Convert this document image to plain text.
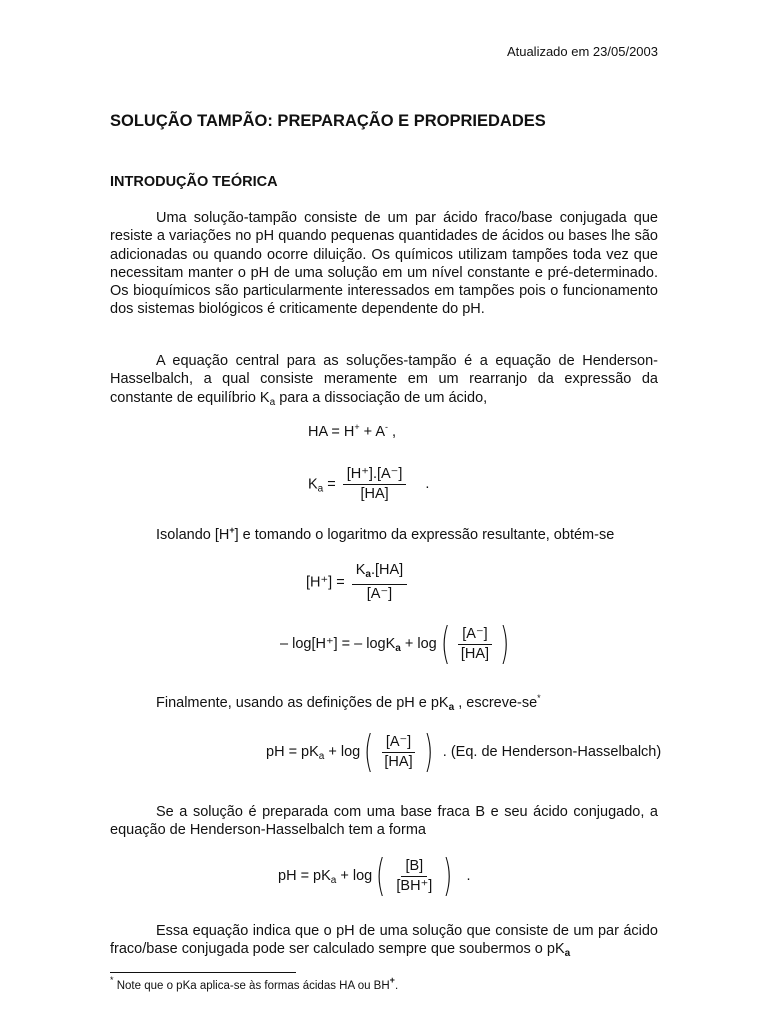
Atualizado em 23/05/2003
SOLUÇÃO TAMPÃO: PREPARAÇÃO E PROPRIEDADES
INTRODUÇÃO TEÓRICA
Uma solução-tampão consiste de um par ácido fraco/base conjugada que resiste a variações no pH quando pequenas quantidades de ácidos ou bases lhe são adicionadas ou quando ocorre diluição. Os químicos utilizam tampões toda vez que necessitam manter o pH de uma solução em um nível constante e pré-determinado. Os bioquímicos são particularmente interessados em tampões pois o funcionamento dos sistemas biológicos é criticamente dependente do pH.
A equação central para as soluções-tampão é a equação de Henderson-Hasselbalch, a qual consiste meramente em um rearranjo da expressão da constante de equilíbrio $K_a$ para a dissociação de um ácido,
HA = H+ + A- ,
$K_a = \frac{[H^+].[A^-]}{[HA]}$ .
Isolando [H+] e tomando o logaritmo da expressão resultante, obtém-se
$[H^+] = \frac{K_a.[HA]}{[A^-]}$
– log[H⁺] = – $\log K_a + \log( \frac{[A^-]}{[HA]}$ )
Finalmente, usando as definições de pH e $pK_a$ , escreve-se*
pH = $pK_a + \log( \frac{[A^-]}{[HA]}$ ) . (Eq. de Henderson-Hasselbalch)
Se a solução é preparada com uma base fraca B e seu ácido conjugado, a equação de Henderson-Hasselbalch tem a forma
pH = $pK_a + \log( \frac{[B]}{[BH^+]}$ ) .
Essa equação indica que o pH de uma solução que consiste de um par ácido fraco/base conjugada pode ser calculado sempre que soubermos o $pK_a$
* Note que o pKa aplica-se às formas ácidas HA ou BH+.
